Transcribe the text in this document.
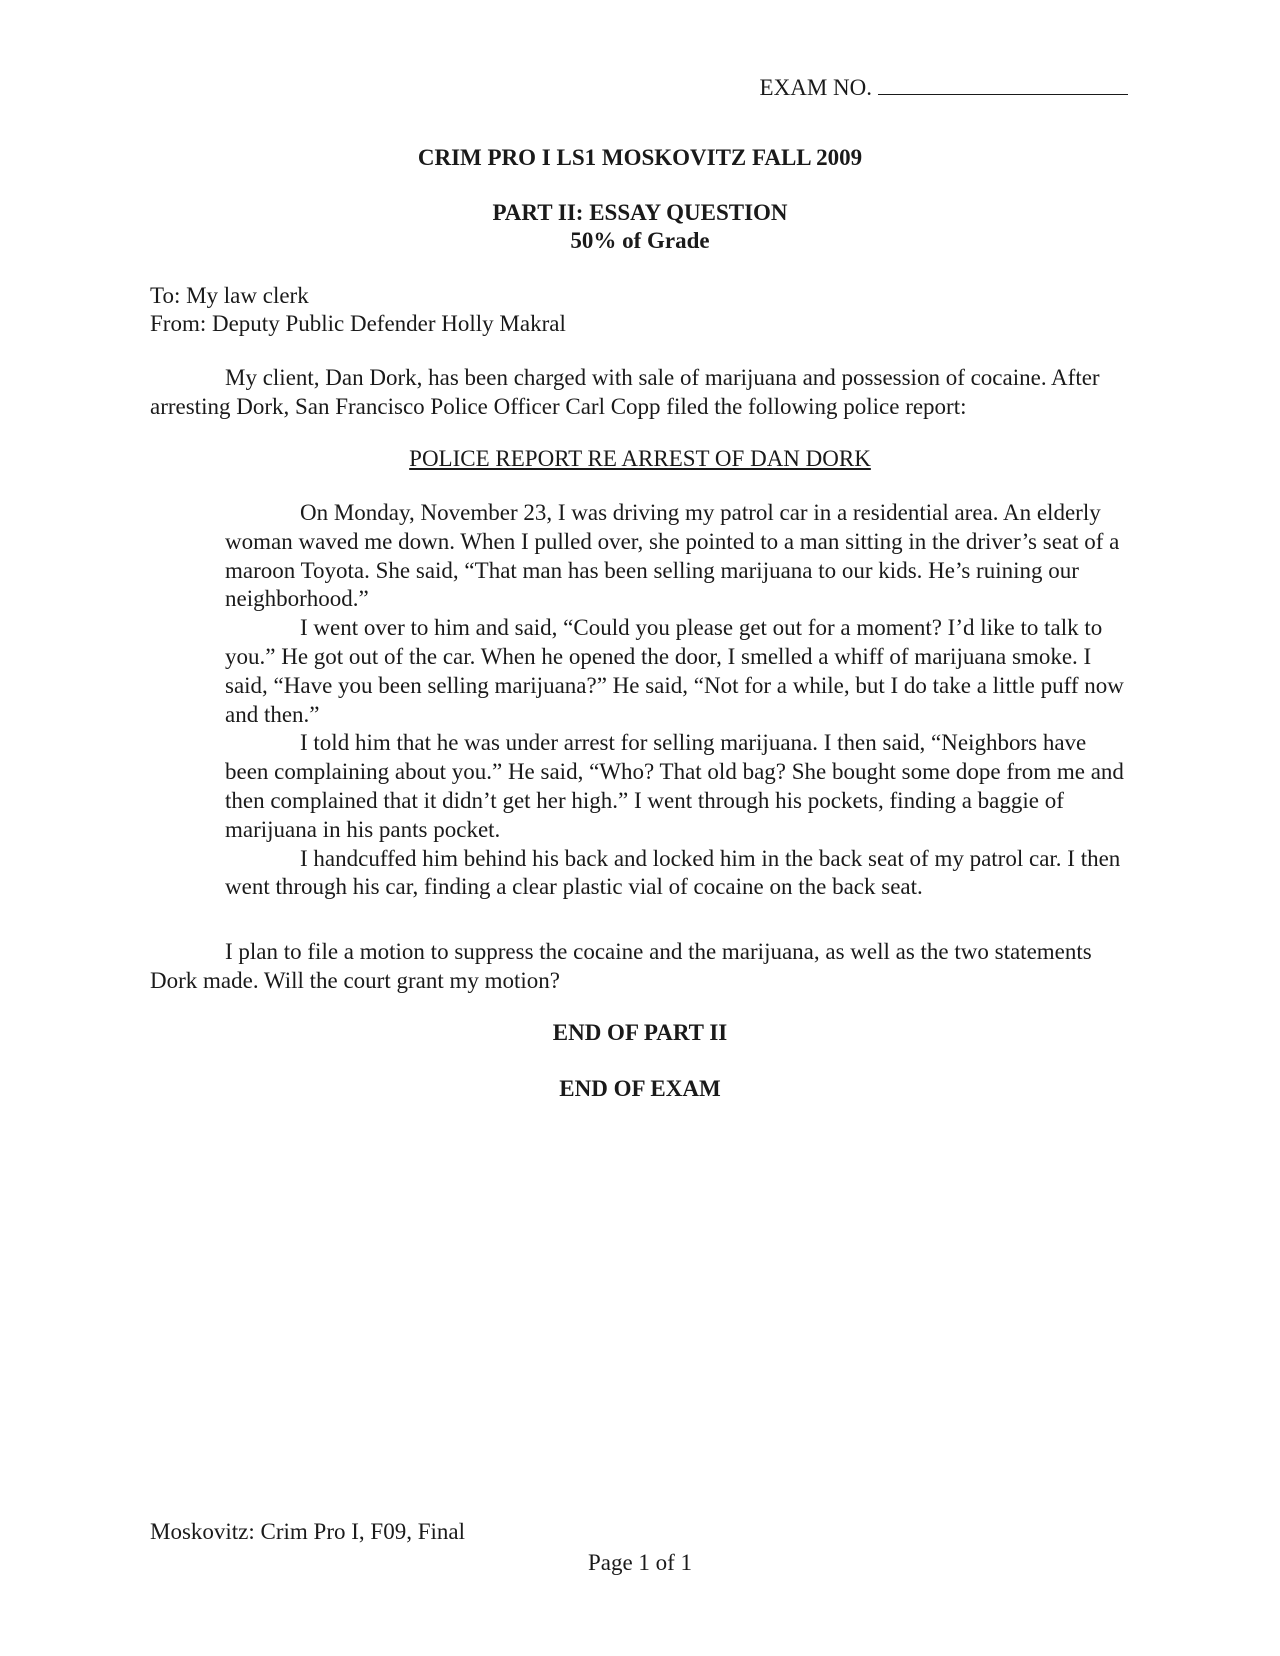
EXAM NO.
CRIM PRO I LS1 MOSKOVITZ FALL 2009
PART II: ESSAY QUESTION
50% of Grade
To: My law clerk
From: Deputy Public Defender Holly Makral

My client, Dan Dork, has been charged with sale of marijuana and possession of cocaine. After arresting Dork, San Francisco Police Officer Carl Copp filed the following police report:

POLICE REPORT RE ARREST OF DAN DORK

On Monday, November 23, I was driving my patrol car in a residential area. An elderly woman waved me down. When I pulled over, she pointed to a man sitting in the driver’s seat of a maroon Toyota. She said, “That man has been selling marijuana to our kids. He’s ruining our neighborhood.”

I went over to him and said, “Could you please get out for a moment? I’d like to talk to you.” He got out of the car. When he opened the door, I smelled a whiff of marijuana smoke. I said, “Have you been selling marijuana?” He said, “Not for a while, but I do take a little puff now and then.”

I told him that he was under arrest for selling marijuana. I then said, “Neighbors have been complaining about you.” He said, “Who? That old bag? She bought some dope from me and then complained that it didn’t get her high.” I went through his pockets, finding a baggie of marijuana in his pants pocket.

I handcuffed him behind his back and locked him in the back seat of my patrol car. I then went through his car, finding a clear plastic vial of cocaine on the back seat.

I plan to file a motion to suppress the cocaine and the marijuana, as well as the two statements Dork made. Will the court grant my motion?

END OF PART II
END OF EXAM
Moskovitz: Crim Pro I, F09, Final
Page 1 of 1
